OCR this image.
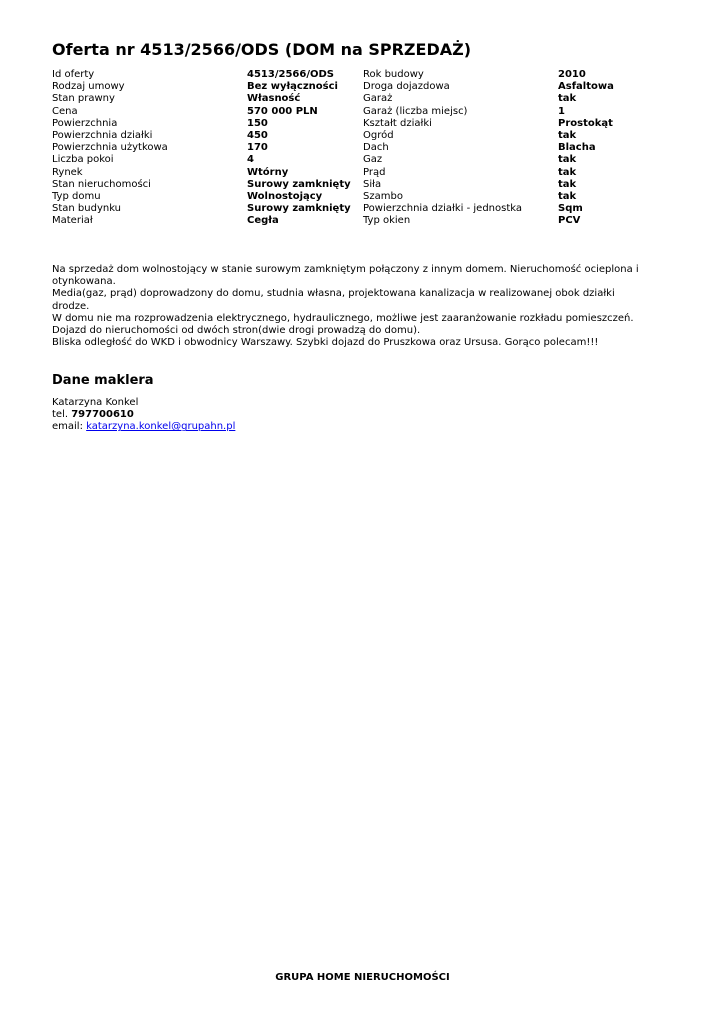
Oferta nr 4513/2566/ODS (DOM na SPRZEDAŻ)
Id oferty
Rodzaj umowy
Stan prawny
Cena
Powierzchnia
Powierzchnia działki
Powierzchnia użytkowa
Liczba pokoi
Rynek
Stan nieruchomości
Typ domu
Stan budynku
Materiał
4513/2566/ODS
Bez wyłączności
Własność
570 000 PLN
150
450
170
4
Wtórny
Surowy zamknięty
Wolnostojący
Surowy zamknięty
Cegła
Rok budowy
Droga dojazdowa
Garaż
Garaż (liczba miejsc)
Kształt działki
Ogród
Dach
Gaz
Prąd
Siła
Szambo
Powierzchnia działki - jednostka
Typ okien
2010
Asfaltowa
tak
1
Prostokąt
tak
Blacha
tak
tak
tak
tak
Sqm
PCV

Na sprzedaż dom wolnostojący w stanie surowym zamkniętym połączony z innym domem. Nieruchomość ocieplona i otynkowana.

Media(gaz, prąd) doprowadzony do domu, studnia własna, projektowana kanalizacja w realizowanej obok działki drodze.

W domu nie ma rozprowadzenia elektrycznego, hydraulicznego, możliwe jest zaaranżowanie rozkładu pomieszczeń.

Dojazd do nieruchomości od dwóch stron(dwie drogi prowadzą do domu).

Bliska odległość do WKD i obwodnicy Warszawy. Szybki dojazd do Pruszkowa oraz Ursusa. Gorąco polecam!!!

Dane maklera
Katarzyna Konkel
tel. 797700610
email: katarzyna.konkel@grupahn.pl
GRUPA HOME NIERUCHOMOŚCI
